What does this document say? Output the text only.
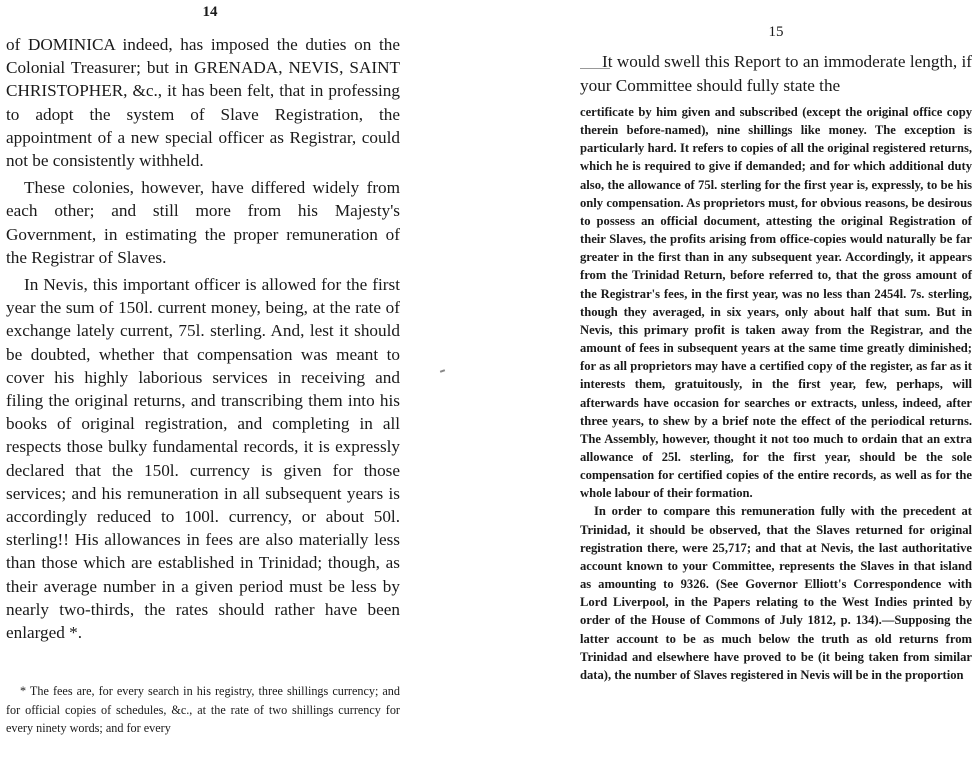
14

of DOMINICA indeed, has imposed the duties on the Colonial Treasurer; but in GRENADA, NEVIS, SAINT CHRISTOPHER, &c., it has been felt, that in professing to adopt the system of Slave Registration, the appointment of a new special officer as Registrar, could not be consistently withheld.

These colonies, however, have differed widely from each other; and still more from his Majesty's Government, in estimating the proper remuneration of the Registrar of Slaves.

In Nevis, this important officer is allowed for the first year the sum of 150l. current money, being, at the rate of exchange lately current, 75l. sterling. And, lest it should be doubted, whether that compensation was meant to cover his highly laborious services in receiving and filing the original returns, and transcribing them into his books of original registration, and completing in all respects those bulky fundamental records, it is expressly declared that the 150l. currency is given for those services; and his remuneration in all subsequent years is accordingly reduced to 100l. currency, or about 50l. sterling!! His allowances in fees are also materially less than those which are established in Trinidad; though, as their average number in a given period must be less by nearly two-thirds, the rates should rather have been enlarged *.

* The fees are, for every search in his registry, three shillings currency; and for official copies of schedules, &c., at the rate of two shillings currency for every ninety words; and for every

15

It would swell this Report to an immoderate length, if your Committee should fully state the

certificate by him given and subscribed (except the original office copy therein before-named), nine shillings like money. The exception is particularly hard. It refers to copies of all the original registered returns, which he is required to give if demanded; and for which additional duty also, the allowance of 75l. sterling for the first year is, expressly, to be his only compensation. As proprietors must, for obvious reasons, be desirous to possess an official document, attesting the original Registration of their Slaves, the profits arising from office-copies would naturally be far greater in the first than in any subsequent year. Accordingly, it appears from the Trinidad Return, before referred to, that the gross amount of the Registrar's fees, in the first year, was no less than 2454l. 7s. sterling, though they averaged, in six years, only about half that sum. But in Nevis, this primary profit is taken away from the Registrar, and the amount of fees in subsequent years at the same time greatly diminished; for as all proprietors may have a certified copy of the register, as far as it interests them, gratuitously, in the first year, few, perhaps, will afterwards have occasion for searches or extracts, unless, indeed, after three years, to shew by a brief note the effect of the periodical returns. The Assembly, however, thought it not too much to ordain that an extra allowance of 25l. sterling, for the first year, should be the sole compensation for certified copies of the entire records, as well as for the whole labour of their formation.

In order to compare this remuneration fully with the precedent at Trinidad, it should be observed, that the Slaves returned for original registration there, were 25,717; and that at Nevis, the last authoritative account known to your Committee, represents the Slaves in that island as amounting to 9326. (See Governor Elliott's Correspondence with Lord Liverpool, in the Papers relating to the West Indies printed by order of the House of Commons of July 1812, p. 134).—Supposing the latter account to be as much below the truth as old returns from Trinidad and elsewhere have proved to be (it being taken from similar data), the number of Slaves registered in Nevis will be in the proportion
